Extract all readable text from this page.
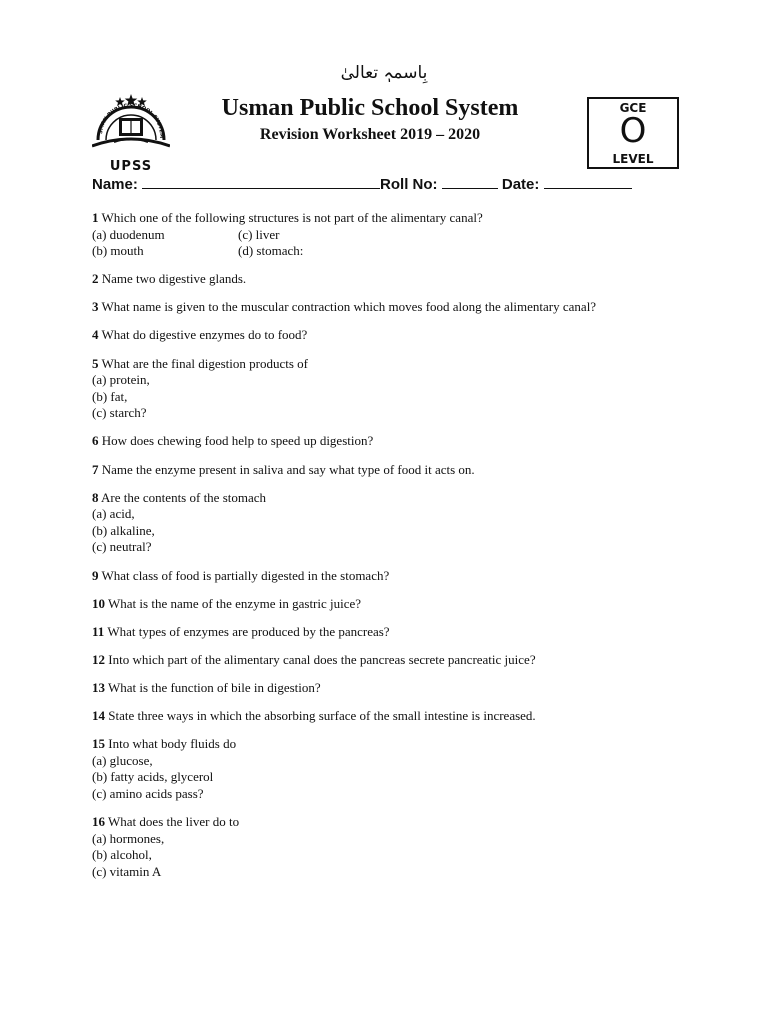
بِاسمہٖ تعالیٰ
SMAN PUBLIC SCHOOL SYSTEM
UPSS
Usman Public School System
Revision Worksheet 2019 – 2020
GCE
O
LEVEL
Name:	Roll No:	Date:
1 Which one of the following structures is not part of the alimentary canal?
(a) duodenum	(c) liver
(b) mouth	(d) stomach:
2 Name two digestive glands.
3 What name is given to the muscular contraction which moves food along the alimentary canal?
4 What do digestive enzymes do to food?
5 What are the final digestion products of
(a) protein,
(b) fat,
(c) starch?
6 How does chewing food help to speed up digestion?
7 Name the enzyme present in saliva and say what type of food it acts on.
8 Are the contents of the stomach
(a) acid,
(b) alkaline,
(c) neutral?
9 What class of food is partially digested in the stomach?
10 What is the name of the enzyme in gastric juice?
11 What types of enzymes are produced by the pancreas?
12 Into which part of the alimentary canal does the pancreas secrete pancreatic juice?
13 What is the function of bile in digestion?
14 State three ways in which the absorbing surface of the small intestine is increased.
15 Into what body fluids do
(a) glucose,
(b) fatty acids, glycerol
(c) amino acids pass?
16 What does the liver do to
(a) hormones,
(b) alcohol,
(c) vitamin A
